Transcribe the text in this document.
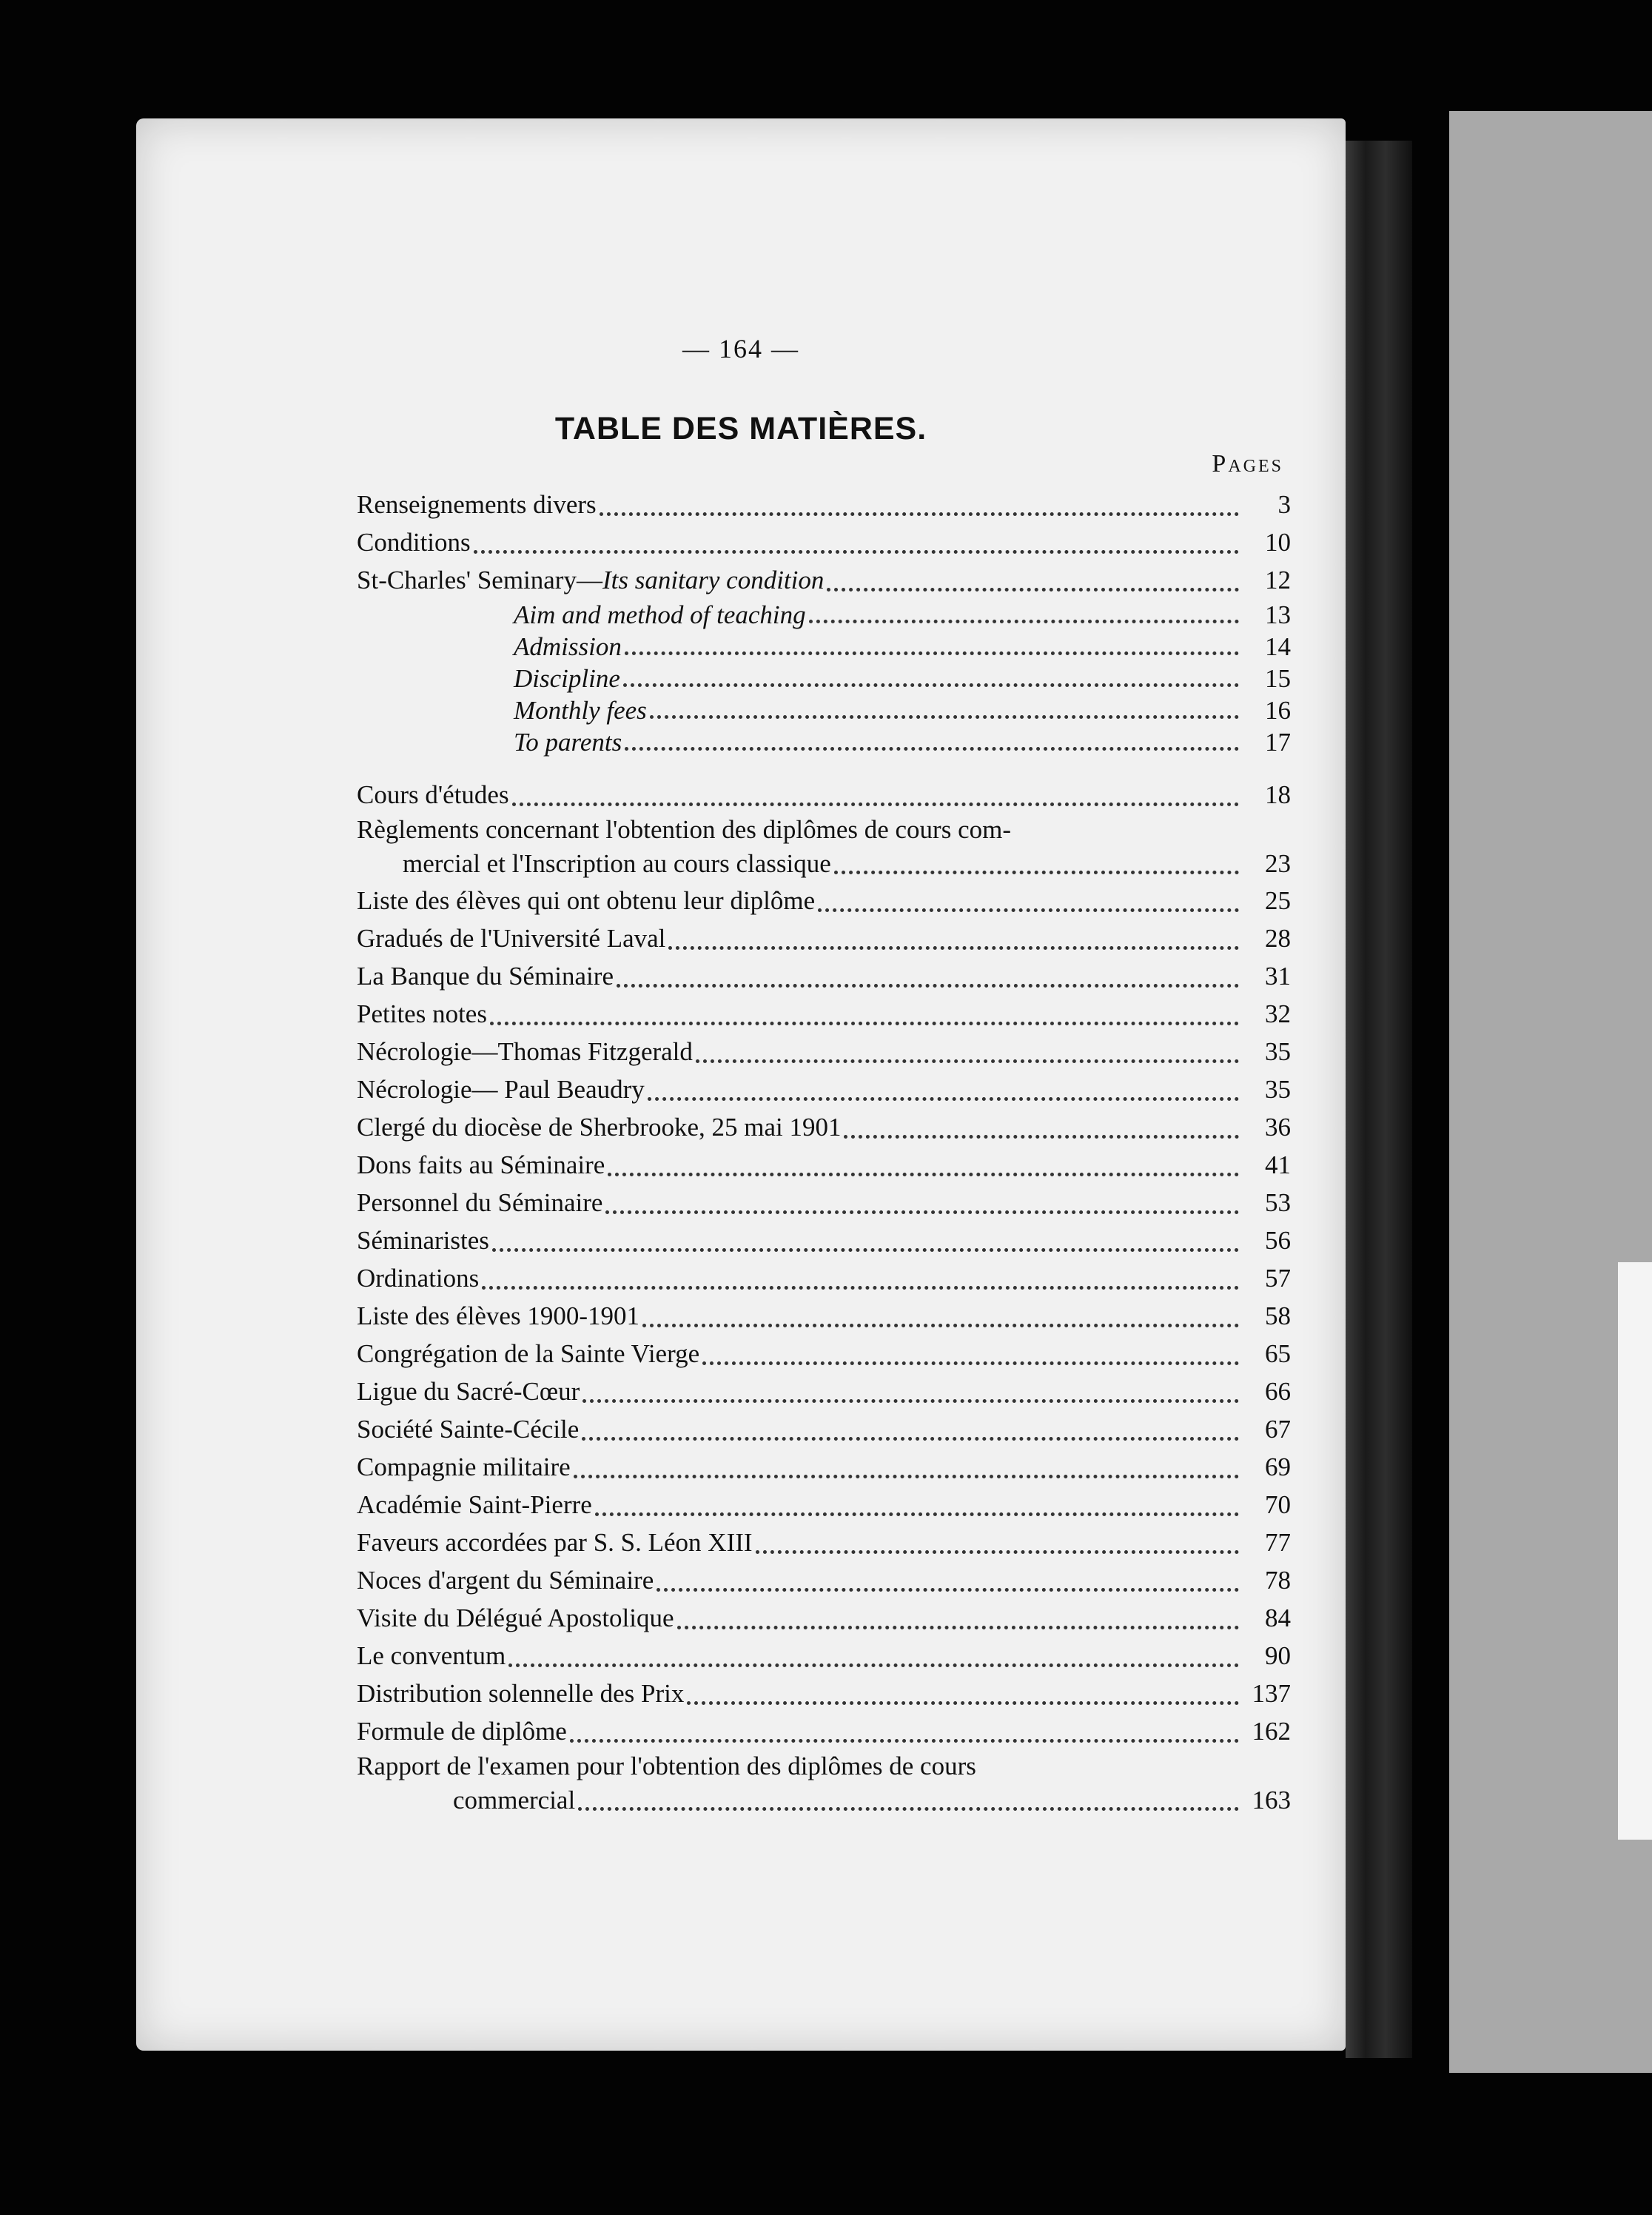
— 164 —
TABLE DES MATIÈRES.
Pages
Renseignements divers	3
Conditions	10
St-Charles' Seminary—Its sanitary condition	12
Aim and method of teaching	13
Admission	14
Discipline	15
Monthly fees	16
To parents	17
Cours d'études	18
Règlements concernant l'obtention des diplômes de cours com-
mercial et l'Inscription au cours classique	23
Liste des élèves qui ont obtenu leur diplôme	25
Gradués de l'Université Laval	28
La Banque du Séminaire	31
Petites notes	32
Nécrologie—Thomas Fitzgerald	35
Nécrologie— Paul Beaudry	35
Clergé du diocèse de Sherbrooke, 25 mai 1901	36
Dons faits au Séminaire	41
Personnel du Séminaire	53
Séminaristes	56
Ordinations	57
Liste des élèves 1900-1901	58
Congrégation de la Sainte Vierge	65
Ligue du Sacré-Cœur	66
Société Sainte-Cécile	67
Compagnie militaire	69
Académie Saint-Pierre	70
Faveurs accordées par S. S. Léon XIII	77
Noces d'argent du Séminaire	78
Visite du Délégué Apostolique	84
Le conventum	90
Distribution solennelle des Prix	137
Formule de diplôme	162
Rapport de l'examen pour l'obtention des diplômes de cours
commercial	163
